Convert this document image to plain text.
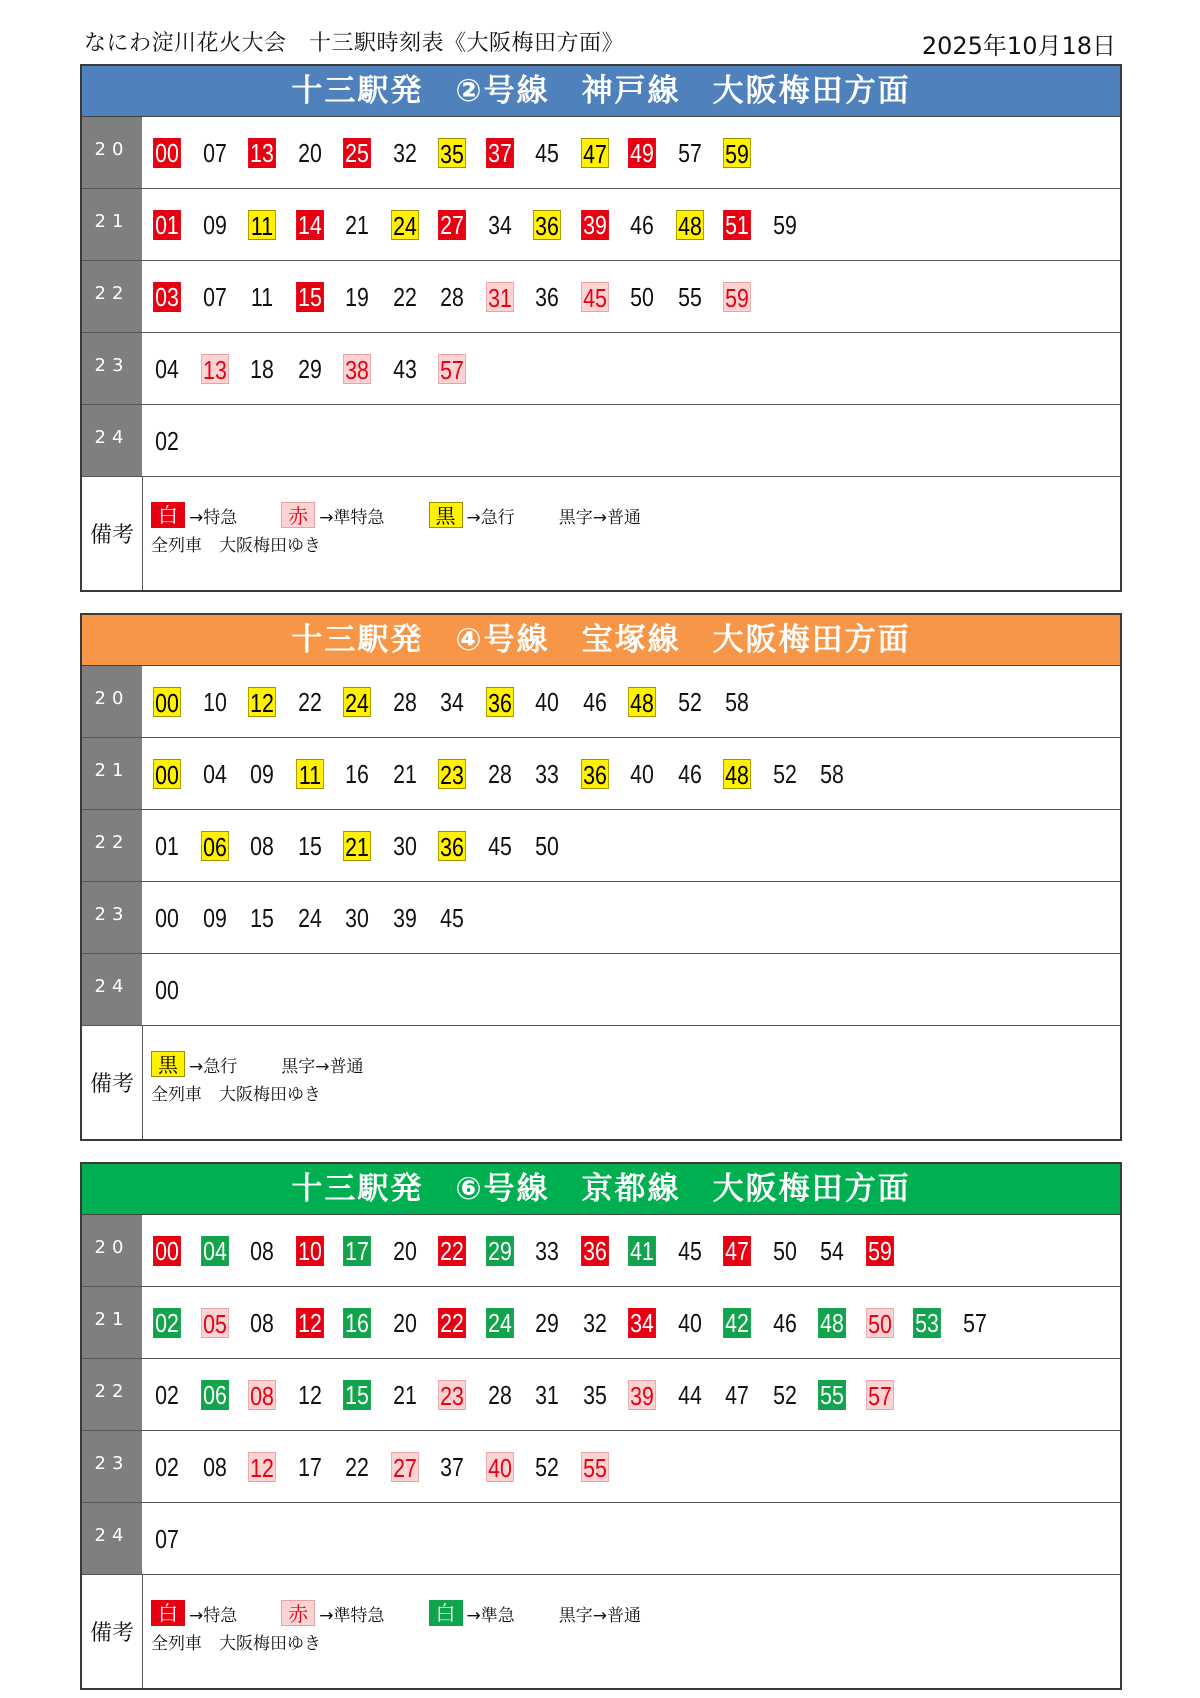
なにわ淀川花火大会　十三駅時刻表《大阪梅田方面》	2025年10月18日
十三駅発 ②号線 神戸線 大阪梅田方面
20 00 07 13 20 25 32 35 37 45 47 49 57 59
21 01 09 11 14 21 24 27 34 36 39 46 48 51 59
22 03 07 11 15 19 22 28 31 36 45 50 55 59
23 04 13 18 29 38 43 57
24 02
備考
白 →特急	赤 →準特急	黒 →急行	黒字→普通
全列車　大阪梅田ゆき
十三駅発 ④号線 宝塚線 大阪梅田方面
20 00 10 12 22 24 28 34 36 40 46 48 52 58
21 00 04 09 11 16 21 23 28 33 36 40 46 48 52 58
22 01 06 08 15 21 30 36 45 50
23 00 09 15 24 30 39 45
24 00
備考
黒 →急行	黒字→普通
全列車　大阪梅田ゆき
十三駅発 ⑥号線 京都線 大阪梅田方面
20 00 04 08 10 17 20 22 29 33 36 41 45 47 50 54 59
21 02 05 08 12 16 20 22 24 29 32 34 40 42 46 48 50 53 57
22 02 06 08 12 15 21 23 28 31 35 39 44 47 52 55 57
23 02 08 12 17 22 27 37 40 52 55
24 07
備考
白 →特急	赤 →準特急	白 →準急	黒字→普通
全列車　大阪梅田ゆき
